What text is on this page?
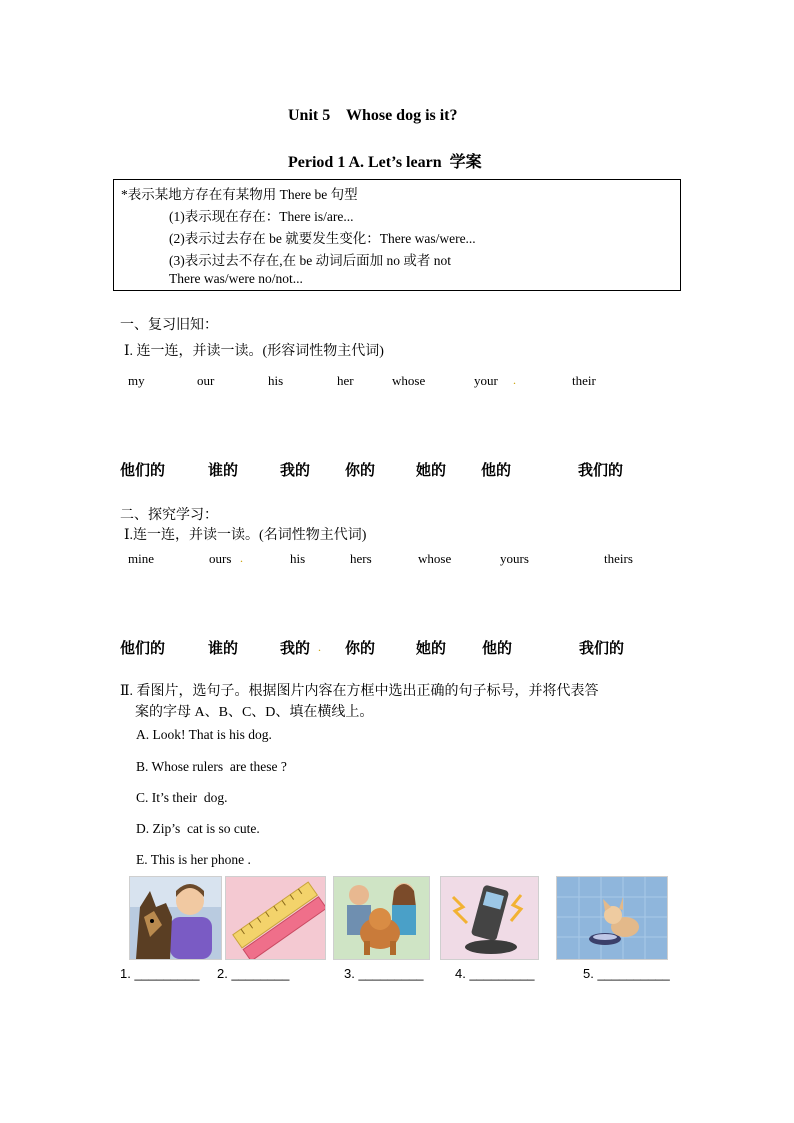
Unit 5    Whose dog is it?
Period 1 A. Let’s learn  学案
*表示某地方存在有某物用 There be 句型
(1)表示现在存在：There is/are...
(2)表示过去存在 be 就要发生变化：There was/were...
(3)表示过去不存在,在 be 动词后面加 no 或者 not
There was/were no/not...
一、复习旧知：
Ⅰ. 连一连，并读一读。(形容词性物主代词)
my	our	his	her	whose	your .	their
他们的	谁的	我的 你的	她的 他的	我们的
二、探究学习：
Ⅰ.连一连，并读一读。(名词性物主代词)
mine	ours .	his	hers	whose	yours	theirs
他们的	谁的	我的 . 你的	她的 他的	我们的
Ⅱ. 看图片，选句子。根据图片内容在方框中选出正确的句子标号，并将代表答
案的字母 A、B、C、D、填在横线上。
A. Look! That is his dog.
B. Whose rulers  are these ?
C. It’s their  dog.
D. Zip’s  cat is so cute.
E. This is her phone .
1. _________ 2. ________	3. _________ 4. _________	5. __________
